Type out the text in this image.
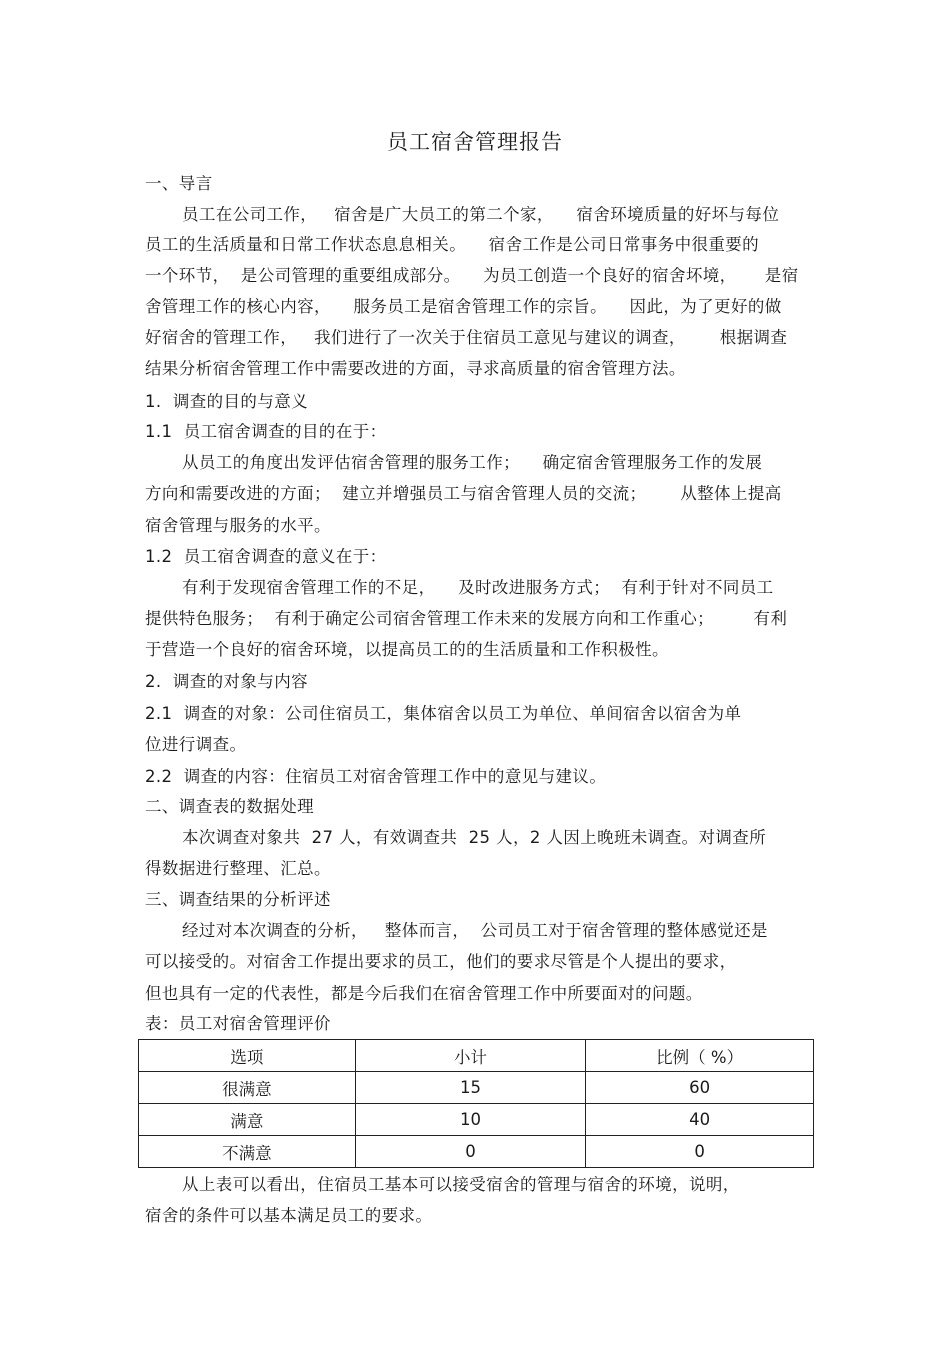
员工宿舍管理报告
一、导言
员工在公司工作，   宿舍是广大员工的第二个家，    宿舍环境质量的好坏与每位
员工的生活质量和日常工作状态息息相关。    宿舍工作是公司日常事务中很重要的
一个环节，  是公司管理的重要组成部分。    为员工创造一个良好的宿舍坏境，     是宿
舍管理工作的核心内容，    服务员工是宿舍管理工作的宗旨。    因此，为了更好的做
好宿舍的管理工作，   我们进行了一次关于住宿员工意见与建议的调查，      根据调查
结果分析宿舍管理工作中需要改进的方面，寻求高质量的宿舍管理方法。
1.  调查的目的与意义
1.1  员工宿舍调查的目的在于：
从员工的角度出发评估宿舍管理的服务工作；    确定宿舍管理服务工作的发展
方向和需要改进的方面；  建立并增强员工与宿舍管理人员的交流；      从整体上提高
宿舍管理与服务的水平。
1.2  员工宿舍调查的意义在于：
有利于发现宿舍管理工作的不足，    及时改进服务方式；  有利于针对不同员工
提供特色服务；  有利于确定公司宿舍管理工作未来的发展方向和工作重心；       有利
于营造一个良好的宿舍环境，以提高员工的的生活质量和工作积极性。
2.  调查的对象与内容
2.1  调查的对象：公司住宿员工，集体宿舍以员工为单位、单间宿舍以宿舍为单
位进行调查。
2.2  调查的内容：住宿员工对宿舍管理工作中的意见与建议。
二、调查表的数据处理
本次调查对象共  27 人，有效调查共  25 人，2 人因上晚班未调查。对调查所
得数据进行整理、汇总。
三、调查结果的分析评述
经过对本次调查的分析，   整体而言，  公司员工对于宿舍管理的整体感觉还是
可以接受的。对宿舍工作提出要求的员工，他们的要求尽管是个人提出的要求，
但也具有一定的代表性，都是今后我们在宿舍管理工作中所要面对的问题。
表：员工对宿舍管理评价
选项	小计	比例（ %）
很满意	15	60
满意	10	40
不满意	0	0
从上表可以看出，住宿员工基本可以接受宿舍的管理与宿舍的环境，说明，
宿舍的条件可以基本满足员工的要求。
